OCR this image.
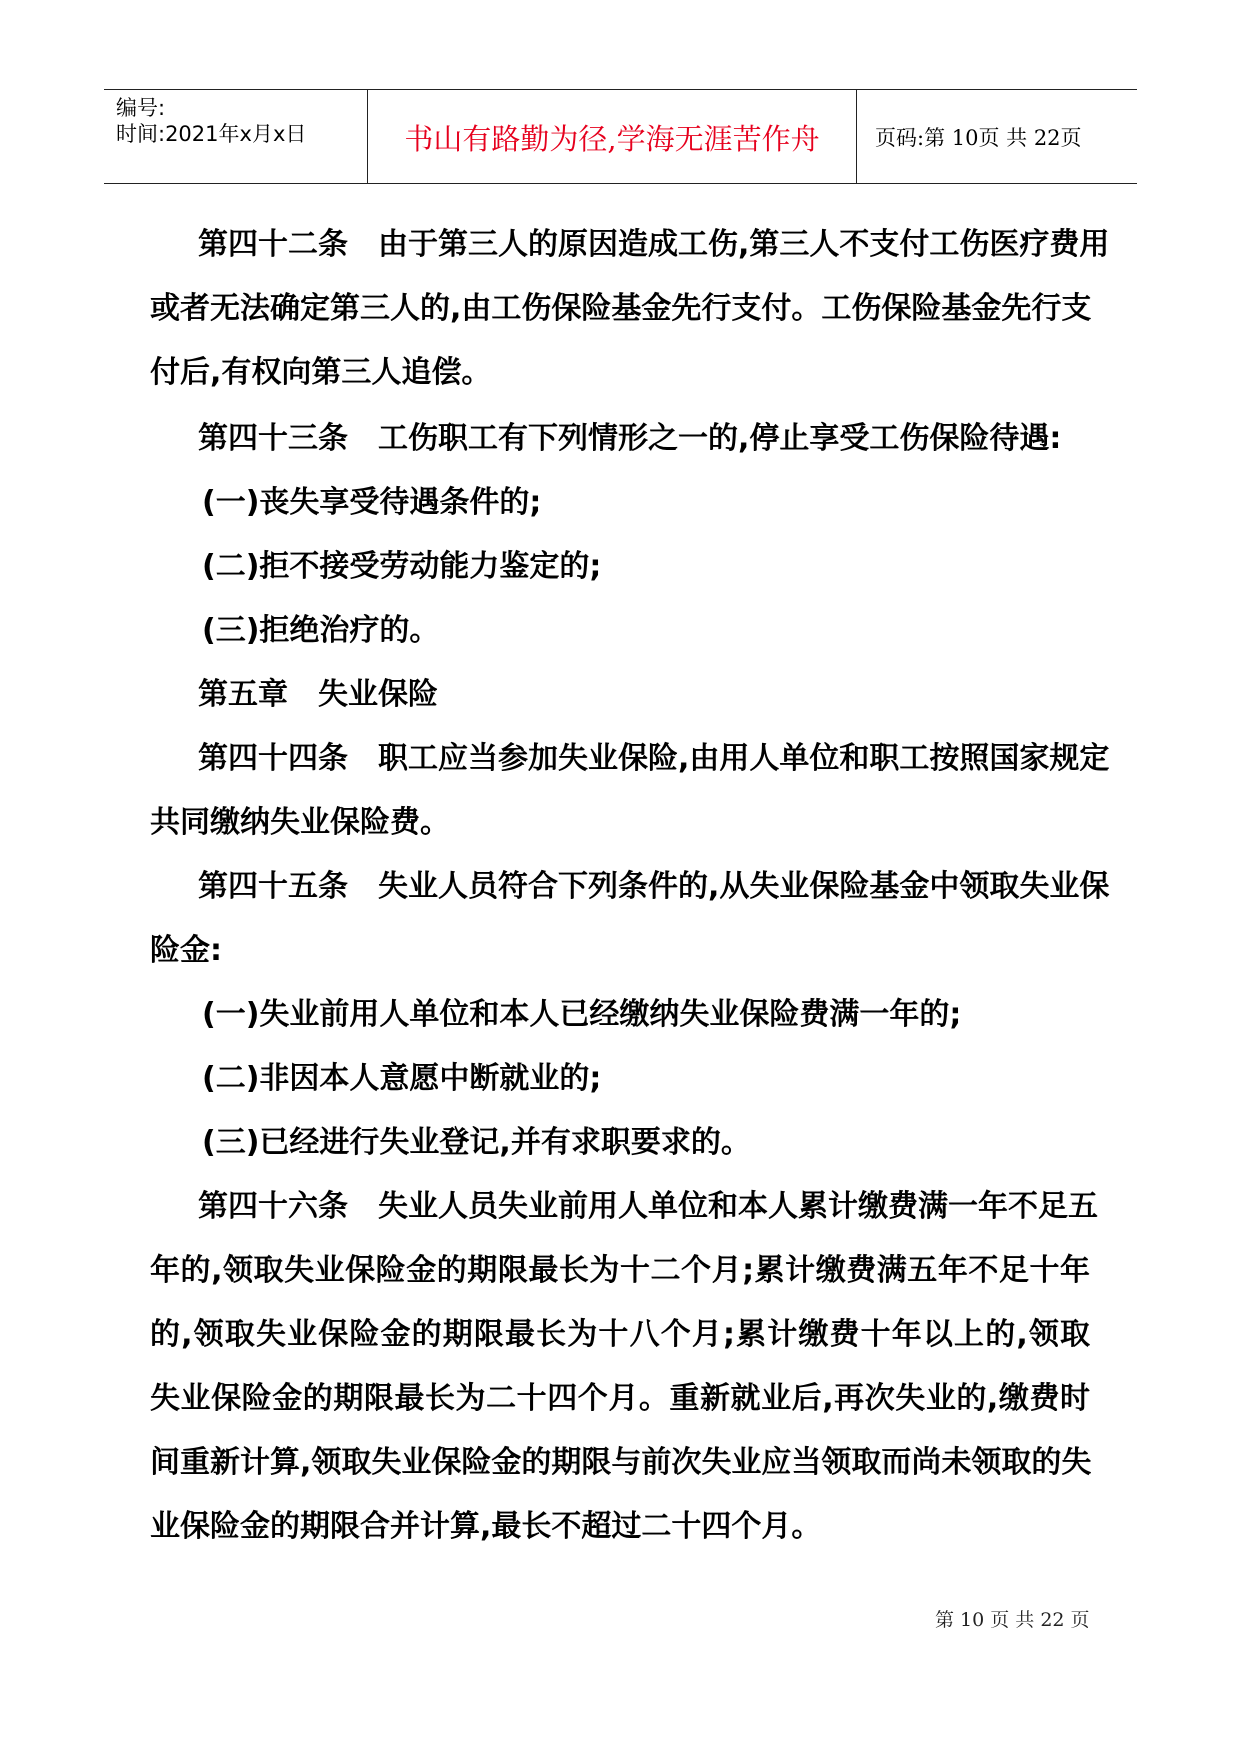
编号:
时间:2021年x月x日	书山有路勤为径,学海无涯苦作舟	页码:第 10页 共 22页
第四十二条　由于第三人的原因造成工伤,第三人不支付工伤医疗费用
或者无法确定第三人的,由工伤保险基金先行支付。工伤保险基金先行支
付后,有权向第三人追偿。
第四十三条　工伤职工有下列情形之一的,停止享受工伤保险待遇:
(一)丧失享受待遇条件的;
(二)拒不接受劳动能力鉴定的;
(三)拒绝治疗的。
第五章　失业保险
第四十四条　职工应当参加失业保险,由用人单位和职工按照国家规定
共同缴纳失业保险费。
第四十五条　失业人员符合下列条件的,从失业保险基金中领取失业保
险金:
(一)失业前用人单位和本人已经缴纳失业保险费满一年的;
(二)非因本人意愿中断就业的;
(三)已经进行失业登记,并有求职要求的。
第四十六条　失业人员失业前用人单位和本人累计缴费满一年不足五
年的,领取失业保险金的期限最长为十二个月;累计缴费满五年不足十年
的,领取失业保险金的期限最长为十八个月;累计缴费十年以上的,领取
失业保险金的期限最长为二十四个月。重新就业后,再次失业的,缴费时
间重新计算,领取失业保险金的期限与前次失业应当领取而尚未领取的失
业保险金的期限合并计算,最长不超过二十四个月。
第 10 页 共 22 页
